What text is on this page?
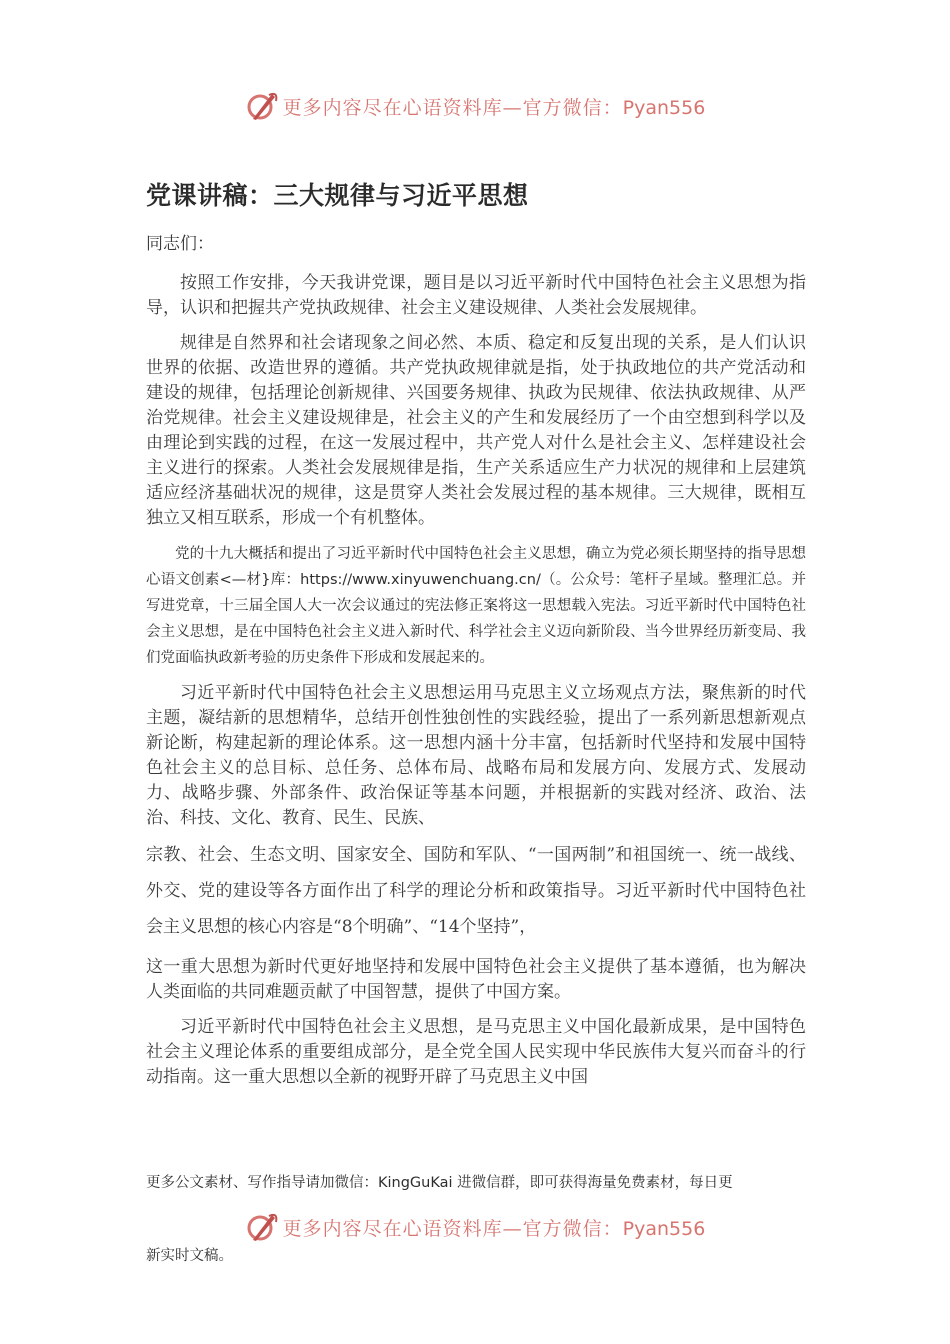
更多内容尽在心语资料库—官方微信：Pyan556
党课讲稿：三大规律与习近平思想
同志们：

按照工作安排，今天我讲党课，题目是以习近平新时代中国特色社会主义思想为指导，认识和把握共产党执政规律、社会主义建设规律、人类社会发展规律。

规律是自然界和社会诸现象之间必然、本质、稳定和反复出现的关系，是人们认识世界的依据、改造世界的遵循。共产党执政规律就是指，处于执政地位的共产党活动和建设的规律，包括理论创新规律、兴国要务规律、执政为民规律、依法执政规律、从严治党规律。社会主义建设规律是，社会主义的产生和发展经历了一个由空想到科学以及由理论到实践的过程，在这一发展过程中，共产党人对什么是社会主义、怎样建设社会主义进行的探索。人类社会发展规律是指，生产关系适应生产力状况的规律和上层建筑适应经济基础状况的规律，这是贯穿人类社会发展过程的基本规律。三大规律，既相互独立又相互联系，形成一个有机整体。

党的十九大概括和提出了习近平新时代中国特色社会主义思想，确立为党必须长期坚持的指导思想心语文创素<—材}库：https://www.xinyuwenchuang.cn/（。公众号：笔杆子星域。整理汇总。并写进党章，十三届全国人大一次会议通过的宪法修正案将这一思想载入宪法。习近平新时代中国特色社会主义思想，是在中国特色社会主义进入新时代、科学社会主义迈向新阶段、当今世界经历新变局、我们党面临执政新考验的历史条件下形成和发展起来的。

习近平新时代中国特色社会主义思想运用马克思主义立场观点方法，聚焦新的时代主题，凝结新的思想精华，总结开创性独创性的实践经验，提出了一系列新思想新观点新论断，构建起新的理论体系。这一思想内涵十分丰富，包括新时代坚持和发展中国特色社会主义的总目标、总任务、总体布局、战略布局和发展方向、发展方式、发展动力、战略步骤、外部条件、政治保证等基本问题，并根据新的实践对经济、政治、法治、科技、文化、教育、民生、民族、

宗教、社会、生态文明、国家安全、国防和军队、“一国两制”和祖国统一、统一战线、外交、党的建设等各方面作出了科学的理论分析和政策指导。习近平新时代中国特色社会主义思想的核心内容是“8个明确”、“14个坚持”，

这一重大思想为新时代更好地坚持和发展中国特色社会主义提供了基本遵循，也为解决人类面临的共同难题贡献了中国智慧，提供了中国方案。

习近平新时代中国特色社会主义思想，是马克思主义中国化最新成果，是中国特色社会主义理论体系的重要组成部分，是全党全国人民实现中华民族伟大复兴而奋斗的行动指南。这一重大思想以全新的视野开辟了马克思主义中国

更多公文素材、写作指导请加微信：KingGuKai 进微信群，即可获得海量免费素材，每日更
更多内容尽在心语资料库—官方微信：Pyan556
新实时文稿。
